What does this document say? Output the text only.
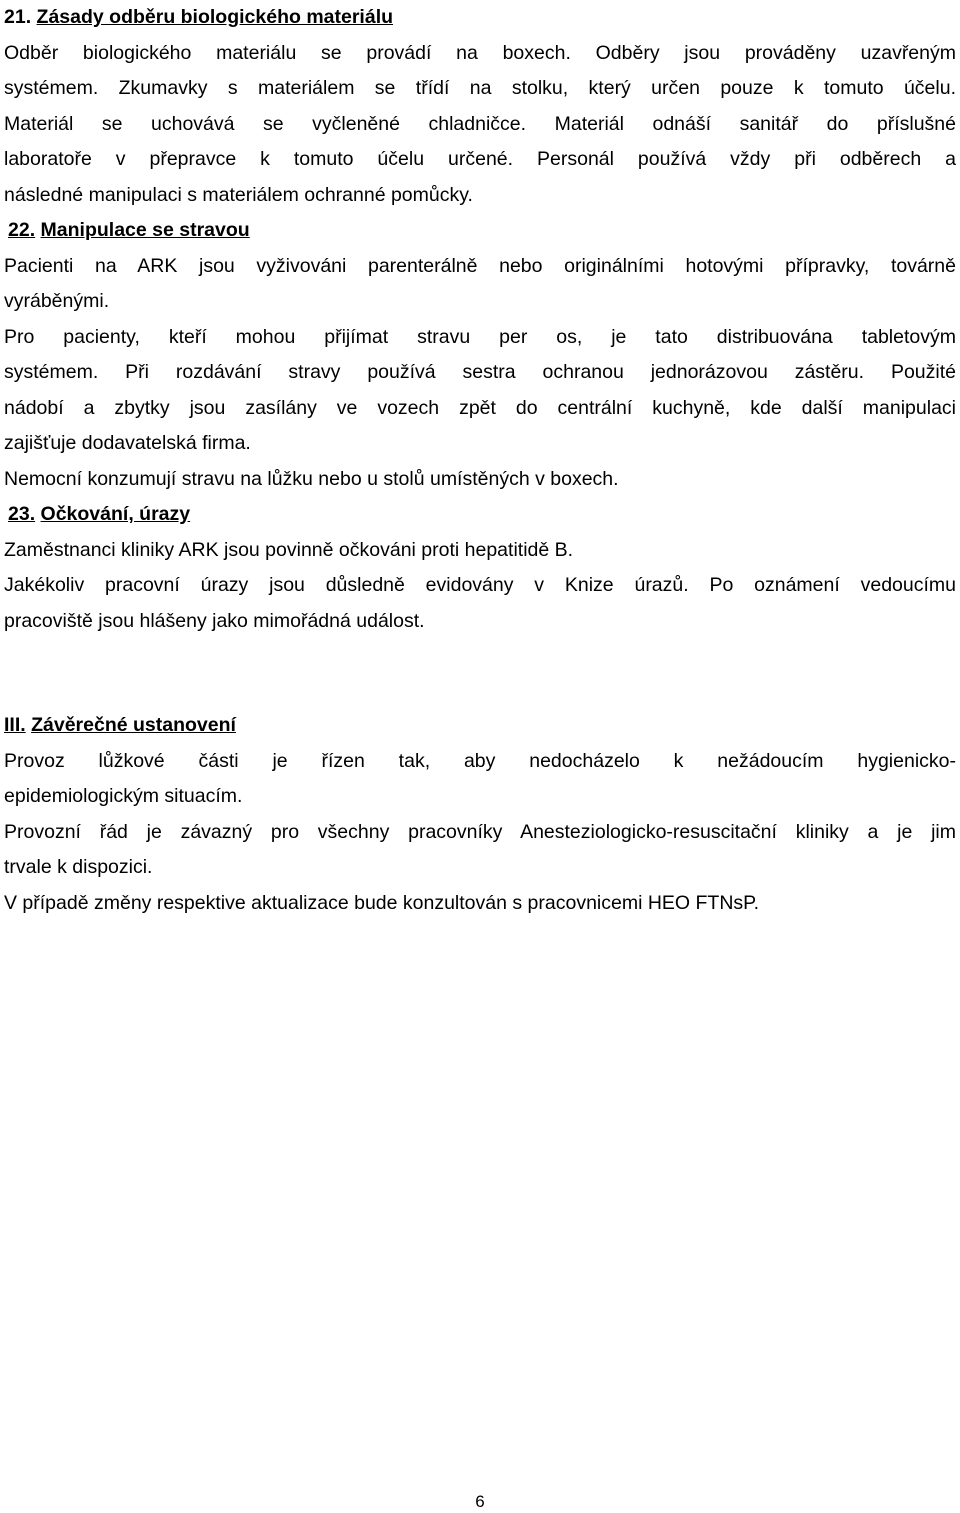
21. Zásady odběru biologického materiálu
Odběr biologického materiálu se provádí na boxech. Odběry jsou prováděny uzavřeným
systémem. Zkumavky s materiálem se třídí na stolku, který určen pouze k tomuto účelu.
Materiál se uchovává se vyčleněné chladničce. Materiál odnáší sanitář do příslušné
laboratoře v přepravce k tomuto účelu určené. Personál používá vždy při odběrech a
následné manipulaci s materiálem ochranné pomůcky.
22. Manipulace se stravou
Pacienti na ARK jsou vyživováni parenterálně nebo originálními hotovými přípravky, továrně
vyráběnými.
Pro pacienty, kteří mohou přijímat stravu per os, je tato distribuována tabletovým
systémem. Při rozdávání stravy používá sestra ochranou jednorázovou zástěru. Použité
nádobí a zbytky jsou zasílány ve vozech zpět do centrální kuchyně, kde další manipulaci
zajišťuje dodavatelská firma.
Nemocní konzumují stravu na lůžku nebo u stolů umístěných v boxech.
23. Očkování, úrazy
Zaměstnanci kliniky ARK jsou povinně očkováni proti hepatitidě B.
Jakékoliv pracovní úrazy jsou důsledně evidovány v Knize úrazů. Po oznámení vedoucímu
pracoviště jsou hlášeny jako mimořádná událost.
III. Závěrečné ustanovení
Provoz lůžkové části je řízen tak, aby nedocházelo k nežádoucím hygienicko-
epidemiologickým situacím.
Provozní řád je závazný pro všechny pracovníky Anesteziologicko-resuscitační kliniky a je jim
trvale k dispozici.
V případě změny respektive aktualizace bude konzultován s pracovnicemi HEO FTNsP.
6
